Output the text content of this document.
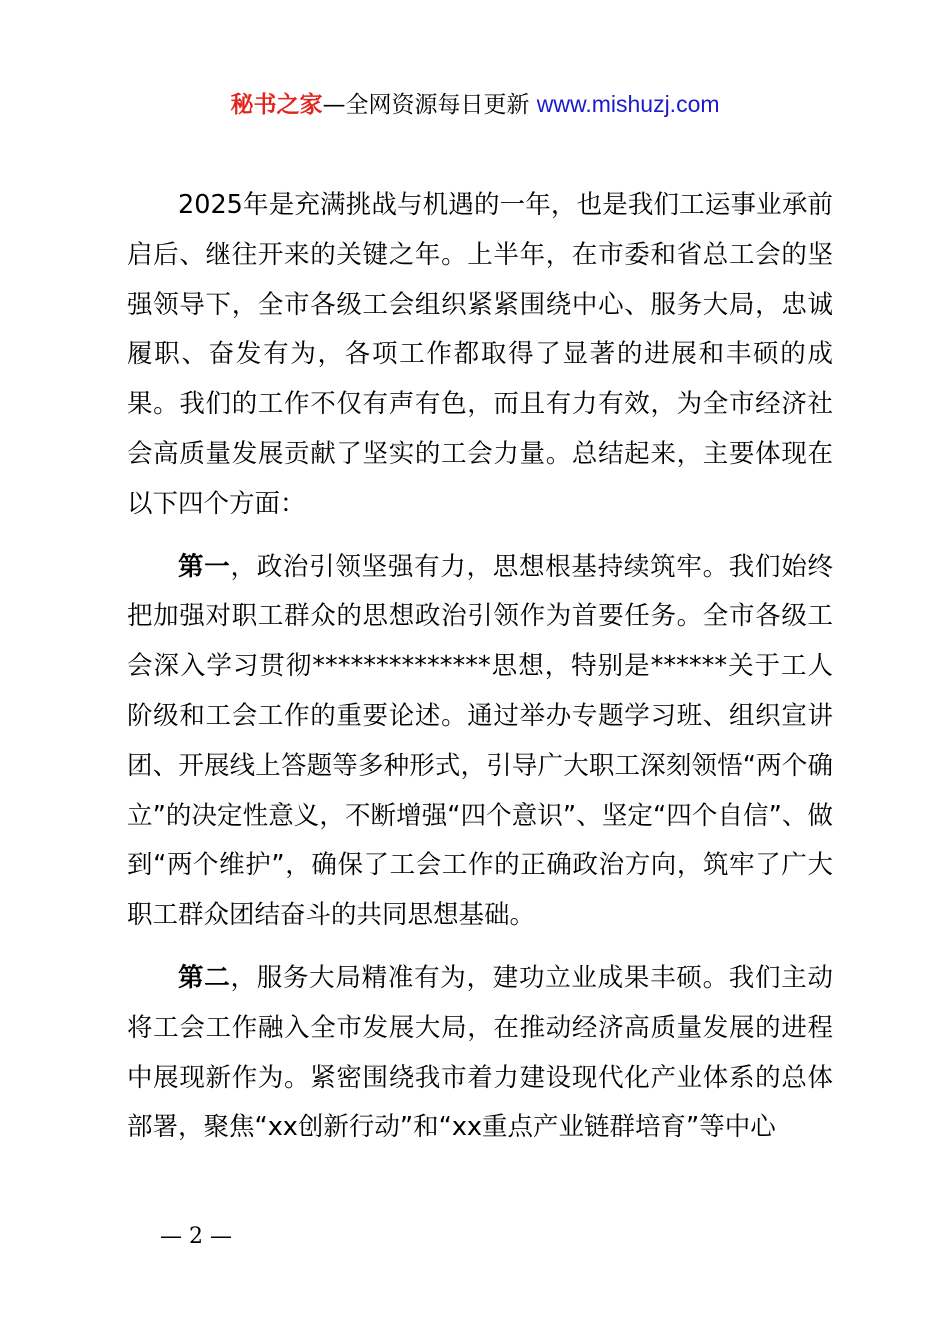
秘书之家—全网资源每日更新 www.mishuzj.com

2025年是充满挑战与机遇的一年，也是我们工运事业承前启后、继往开来的关键之年。上半年，在市委和省总工会的坚强领导下，全市各级工会组织紧紧围绕中心、服务大局，忠诚履职、奋发有为，各项工作都取得了显著的进展和丰硕的成果。我们的工作不仅有声有色，而且有力有效，为全市经济社会高质量发展贡献了坚实的工会力量。总结起来，主要体现在以下四个方面：

第一，政治引领坚强有力，思想根基持续筑牢。我们始终把加强对职工群众的思想政治引领作为首要任务。全市各级工会深入学习贯彻**************思想，特别是******关于工人阶级和工会工作的重要论述。通过举办专题学习班、组织宣讲团、开展线上答题等多种形式，引导广大职工深刻领悟“两个确立”的决定性意义，不断增强“四个意识”、坚定“四个自信”、做到“两个维护”，确保了工会工作的正确政治方向，筑牢了广大职工群众团结奋斗的共同思想基础。

第二，服务大局精准有为，建功立业成果丰硕。我们主动将工会工作融入全市发展大局，在推动经济高质量发展的进程中展现新作为。紧密围绕我市着力建设现代化产业体系的总体部署，聚焦“xx创新行动”和“xx重点产业链群培育”等中心

— 2 —
